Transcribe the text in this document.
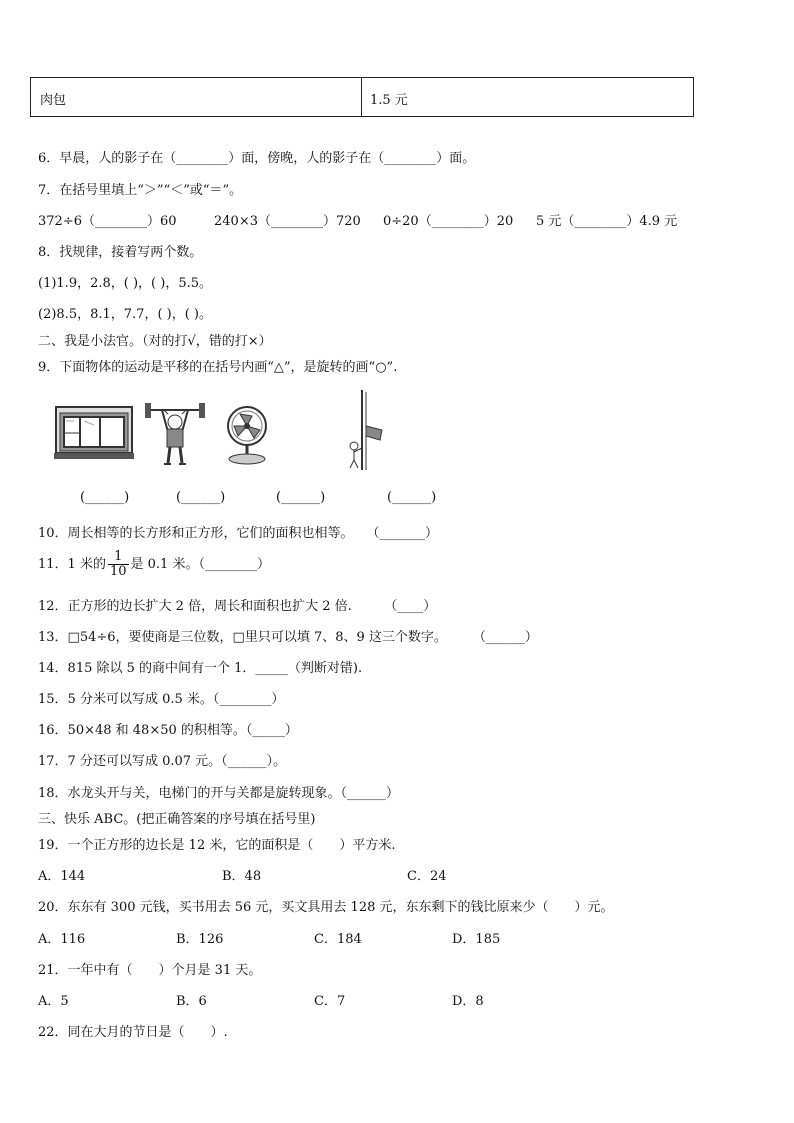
肉包	1.5 元
6．早晨，人的影子在（________）面，傍晚，人的影子在（________）面。
7．在括号里填上“＞”“＜”或“＝”。
372÷6（________）60	240×3（________）720 0÷20（________）20 5 元（________）4.9 元
8．找规律，接着写两个数。
(1)1.9，2.8，( )，( )，5.5。
(2)8.5，8.1，7.7，( )，( )。
二、我是小法官。（对的打√，错的打×）
9．下面物体的运动是平移的在括号内画“△”，是旋转的画“○”.
(______)	(______)	(______)	(______)
10．周长相等的长方形和正方形，它们的面积也相等。　　（_______）
11．1 米的 $\frac{1}{10}$ 是 0.1 米。（________）
12．正方形的边长扩大 2 倍，周长和面积也扩大 2 倍.　　　（____）
13．□54÷6，要使商是三位数，□里只可以填 7、8、9 这三个数字。　　　（______）
14．815 除以 5 的商中间有一个 1．_____（判断对错).
15．5 分米可以写成 0.5 米。（________）
16．50×48 和 48×50 的积相等。（_____）
17．7 分还可以写成 0.07 元。（______）。
18．水龙头开与关，电梯门的开与关都是旋转现象。（______）
三、快乐 ABC。(把正确答案的序号填在括号里)
19．一个正方形的边长是 12 米，它的面积是（　　）平方米.
A．144	B．48	C．24
20．东东有 300 元钱，买书用去 56 元，买文具用去 128 元，东东剩下的钱比原来少（　　）元。
A．116	B．126	C．184	D．185
21．一年中有（　　）个月是 31 天。
A．5	B．6	C．7	D．8
22．同在大月的节日是（　　）.
